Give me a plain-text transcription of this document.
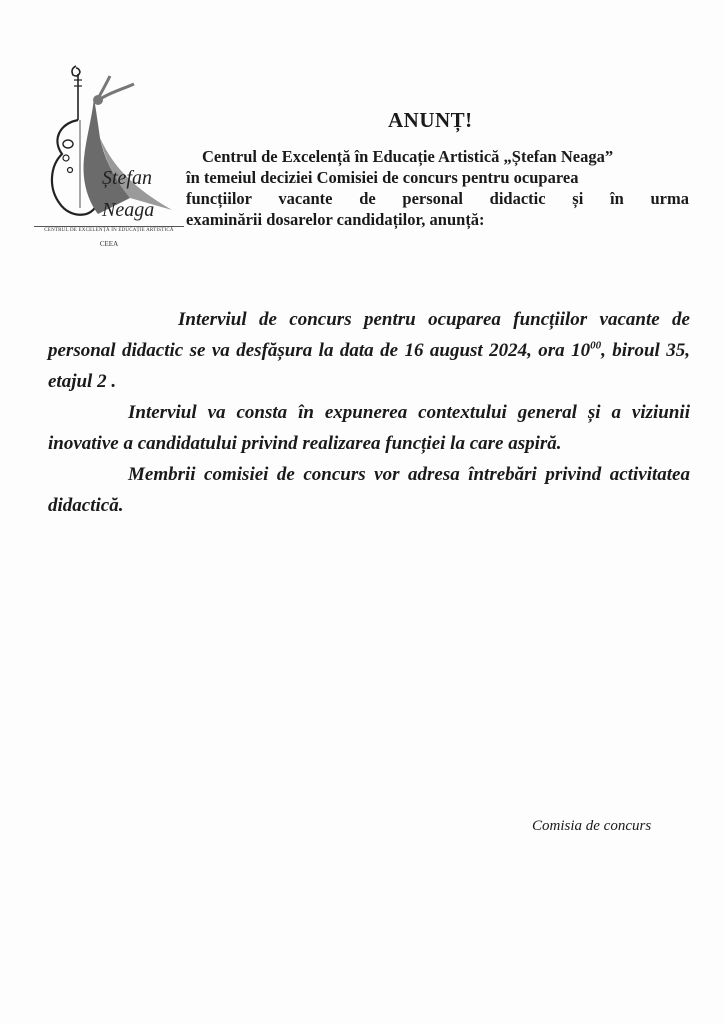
Ștefan
Neaga
CENTRUL DE EXCELENȚĂ ÎN EDUCAȚIE ARTISTICĂ
CEEA
ANUNȚ!
Centrul de Excelență în Educație Artistică „Ștefan Neaga”
în temeiul deciziei Comisiei de concurs pentru ocuparea
funcțiilor vacante de personal didactic și în urma
examinării dosarelor candidaților, anunță:

Interviul de concurs pentru ocuparea funcțiilor vacante de personal didactic se va desfășura la data de 16 august 2024, ora $10^{00}$, biroul 35, etajul 2 .

Interviul va consta în expunerea contextului general și a viziunii inovative a candidatului privind realizarea funcției la care aspiră.

Membrii comisiei de concurs vor adresa întrebări privind activitatea didactică.

Comisia de concurs
